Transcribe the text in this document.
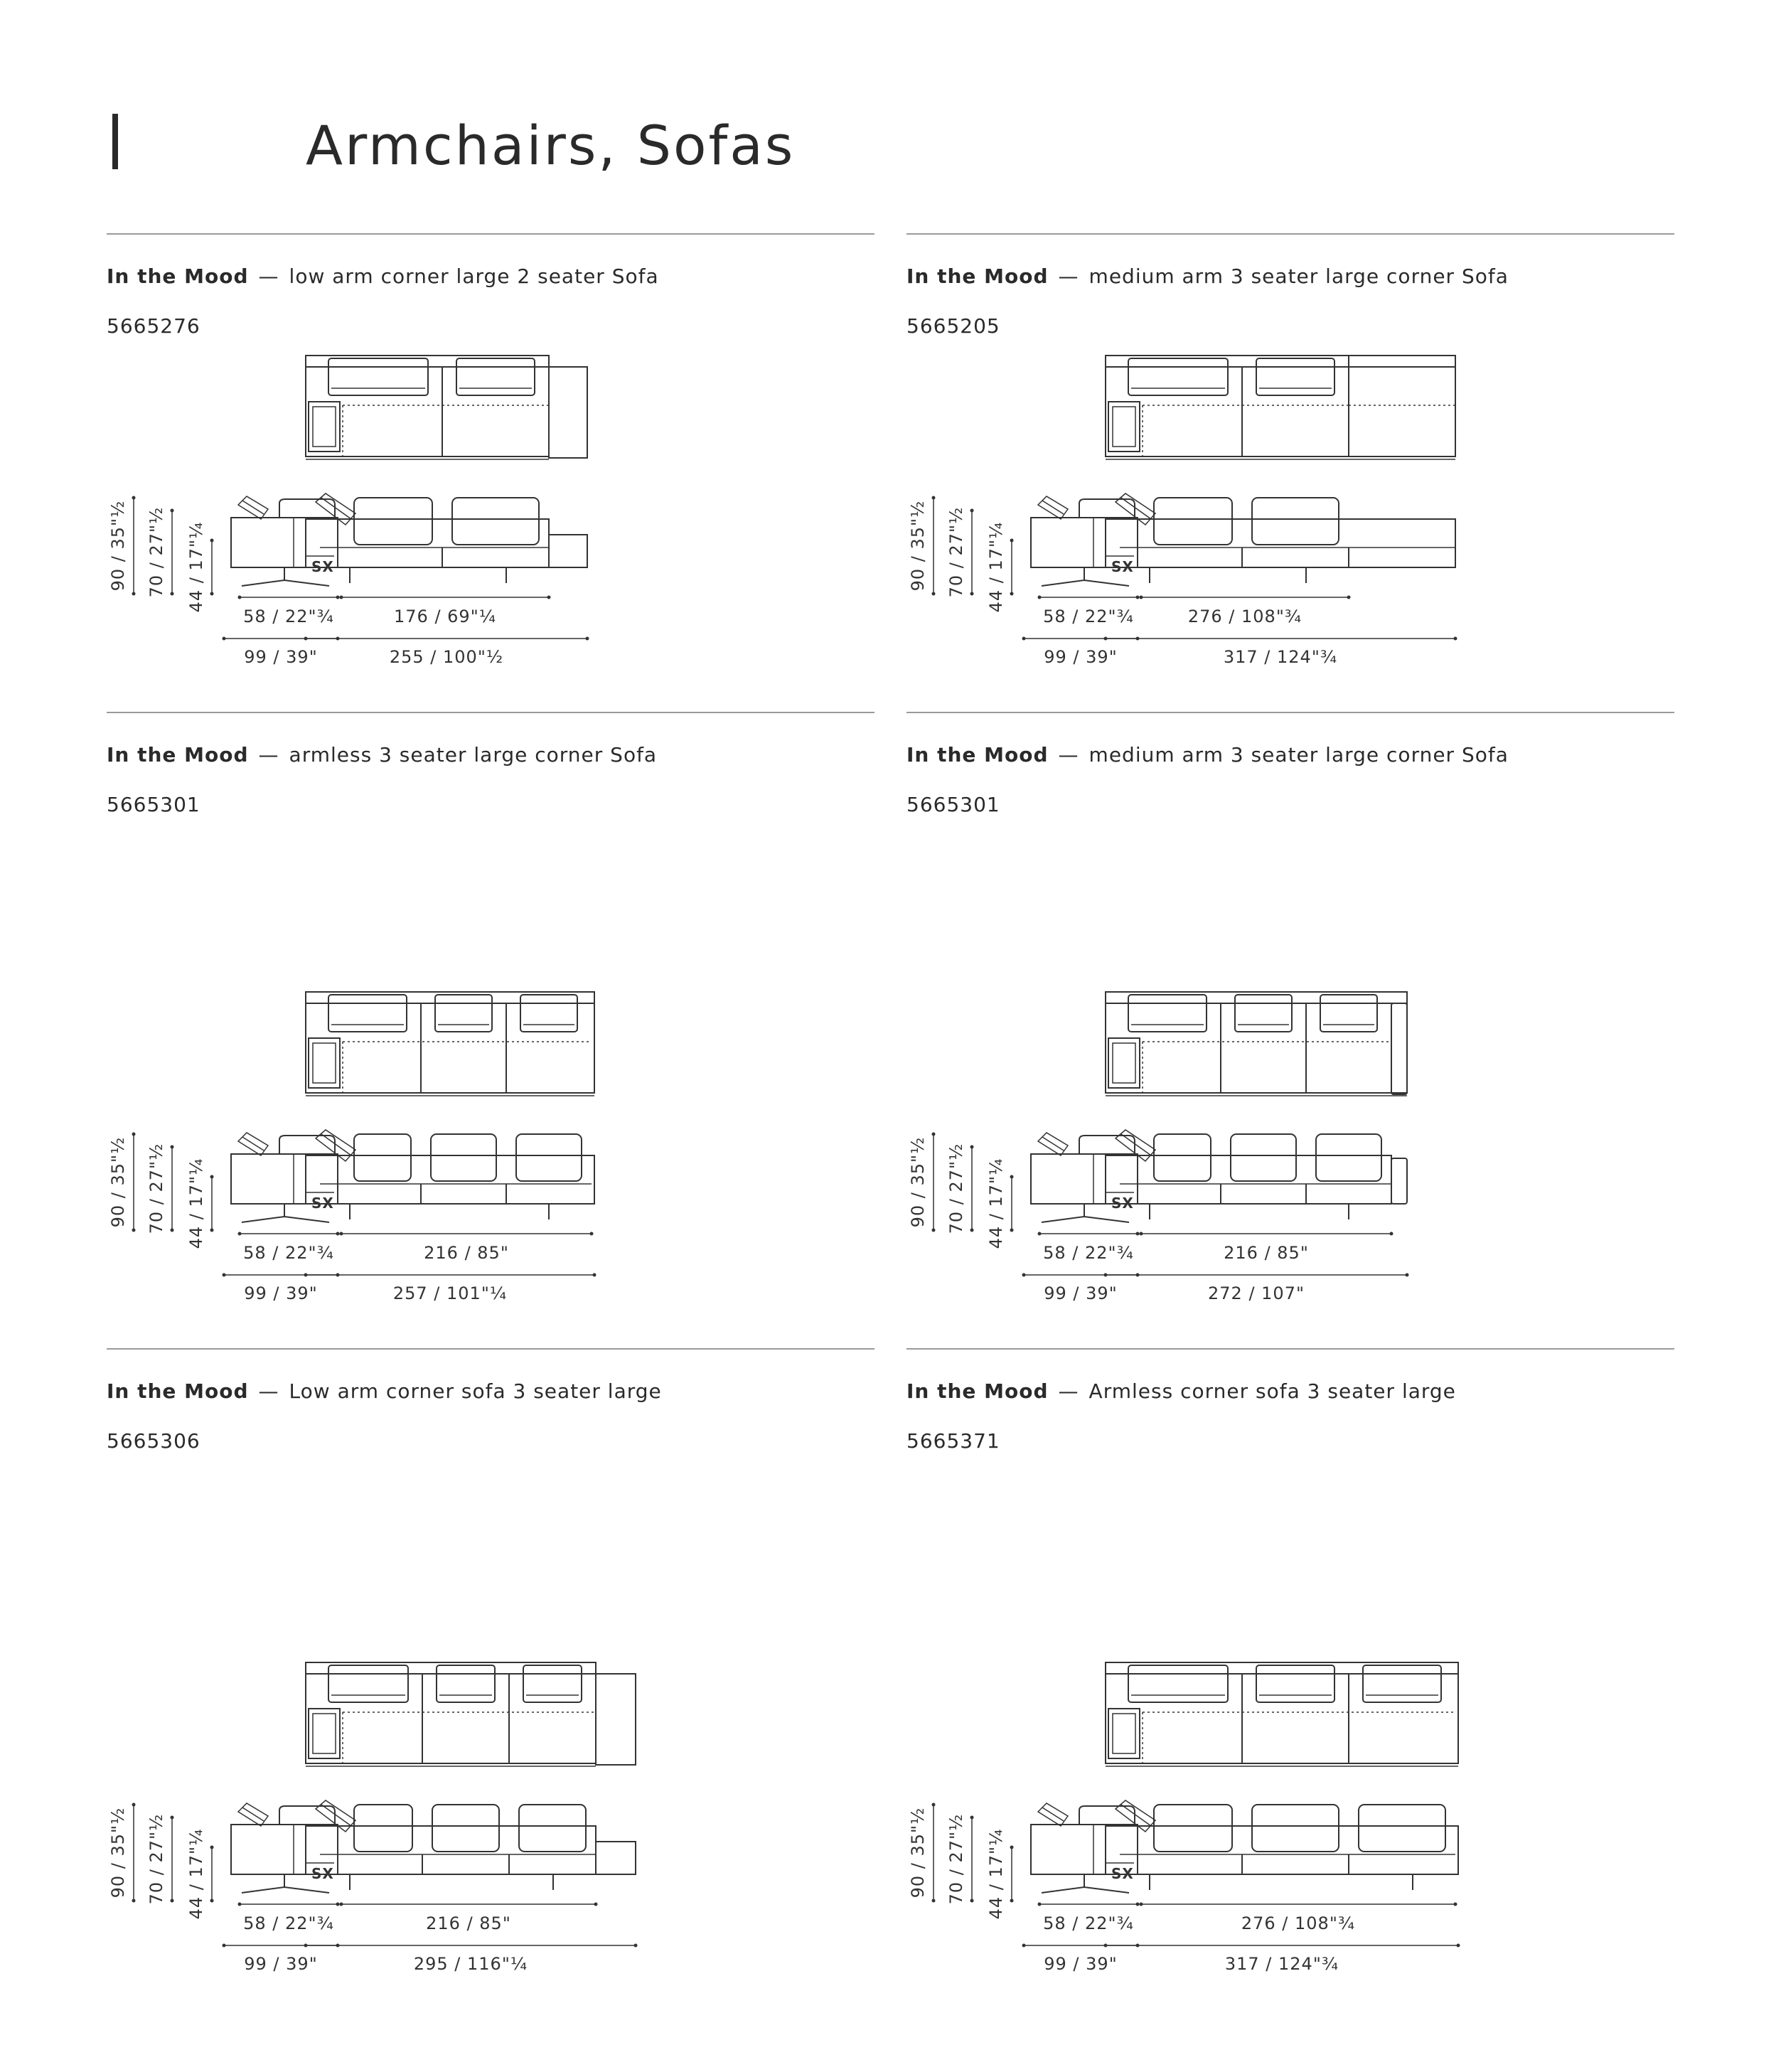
Armchairs, Sofas
In the Mood — low arm corner large 2 seater Sofa
5665276
90 / 35"½ 70 / 27"½ 44 / 17"¼	SX
58 / 22"¾
99 / 39"
176 / 69"¼
255 / 100"½
In the Mood — medium arm 3 seater large corner Sofa
5665205
90 / 35"½ 70 / 27"½ 44 / 17"¼	SX
58 / 22"¾
99 / 39"
276 / 108"¾
317 / 124"¾
In the Mood — armless 3 seater large corner Sofa
5665301
90 / 35"½ 70 / 27"½ 44 / 17"¼	SX
58 / 22"¾
99 / 39"
216 / 85"
257 / 101"¼
In the Mood — medium arm 3 seater large corner Sofa
5665301
90 / 35"½ 70 / 27"½ 44 / 17"¼	SX
58 / 22"¾
99 / 39"
216 / 85"
272 / 107"
In the Mood — Low arm corner sofa 3 seater large
5665306
90 / 35"½ 70 / 27"½ 44 / 17"¼	SX
58 / 22"¾
99 / 39"
216 / 85"
295 / 116"¼
In the Mood — Armless corner sofa 3 seater large
5665371
90 / 35"½ 70 / 27"½ 44 / 17"¼	SX
58 / 22"¾
99 / 39"
276 / 108"¾
317 / 124"¾
